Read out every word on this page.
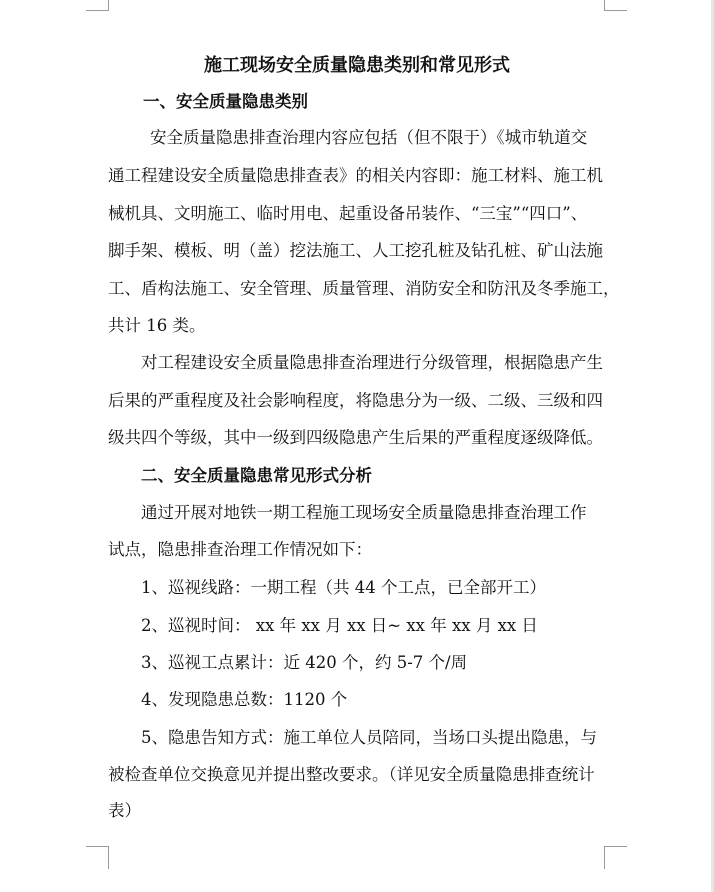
施工现场安全质量隐患类别和常见形式
一、安全质量隐患类别
安全质量隐患排查治理内容应包括（但不限于）《城市轨道交
通工程建设安全质量隐患排查表》的相关内容即：施工材料、施工机
械机具、文明施工、临时用电、起重设备吊装作、“三宝”“四口”、
脚手架、模板、明（盖）挖法施工、人工挖孔桩及钻孔桩、矿山法施
工、盾构法施工、安全管理、质量管理、消防安全和防汛及冬季施工，
共计 16 类。
对工程建设安全质量隐患排查治理进行分级管理，根据隐患产生
后果的严重程度及社会影响程度，将隐患分为一级、二级、三级和四
级共四个等级，其中一级到四级隐患产生后果的严重程度逐级降低。
二、安全质量隐患常见形式分析
通过开展对地铁一期工程施工现场安全质量隐患排查治理工作
试点，隐患排查治理工作情况如下：
1、巡视线路：一期工程（共 44 个工点，已全部开工）
2、巡视时间： xx 年 xx 月 xx 日~ xx 年 xx 月 xx 日
3、巡视工点累计：近 420 个，约 5-7 个/周
4、发现隐患总数：1120 个
5、隐患告知方式：施工单位人员陪同，当场口头提出隐患，与
被检查单位交换意见并提出整改要求。（详见安全质量隐患排查统计
表）
